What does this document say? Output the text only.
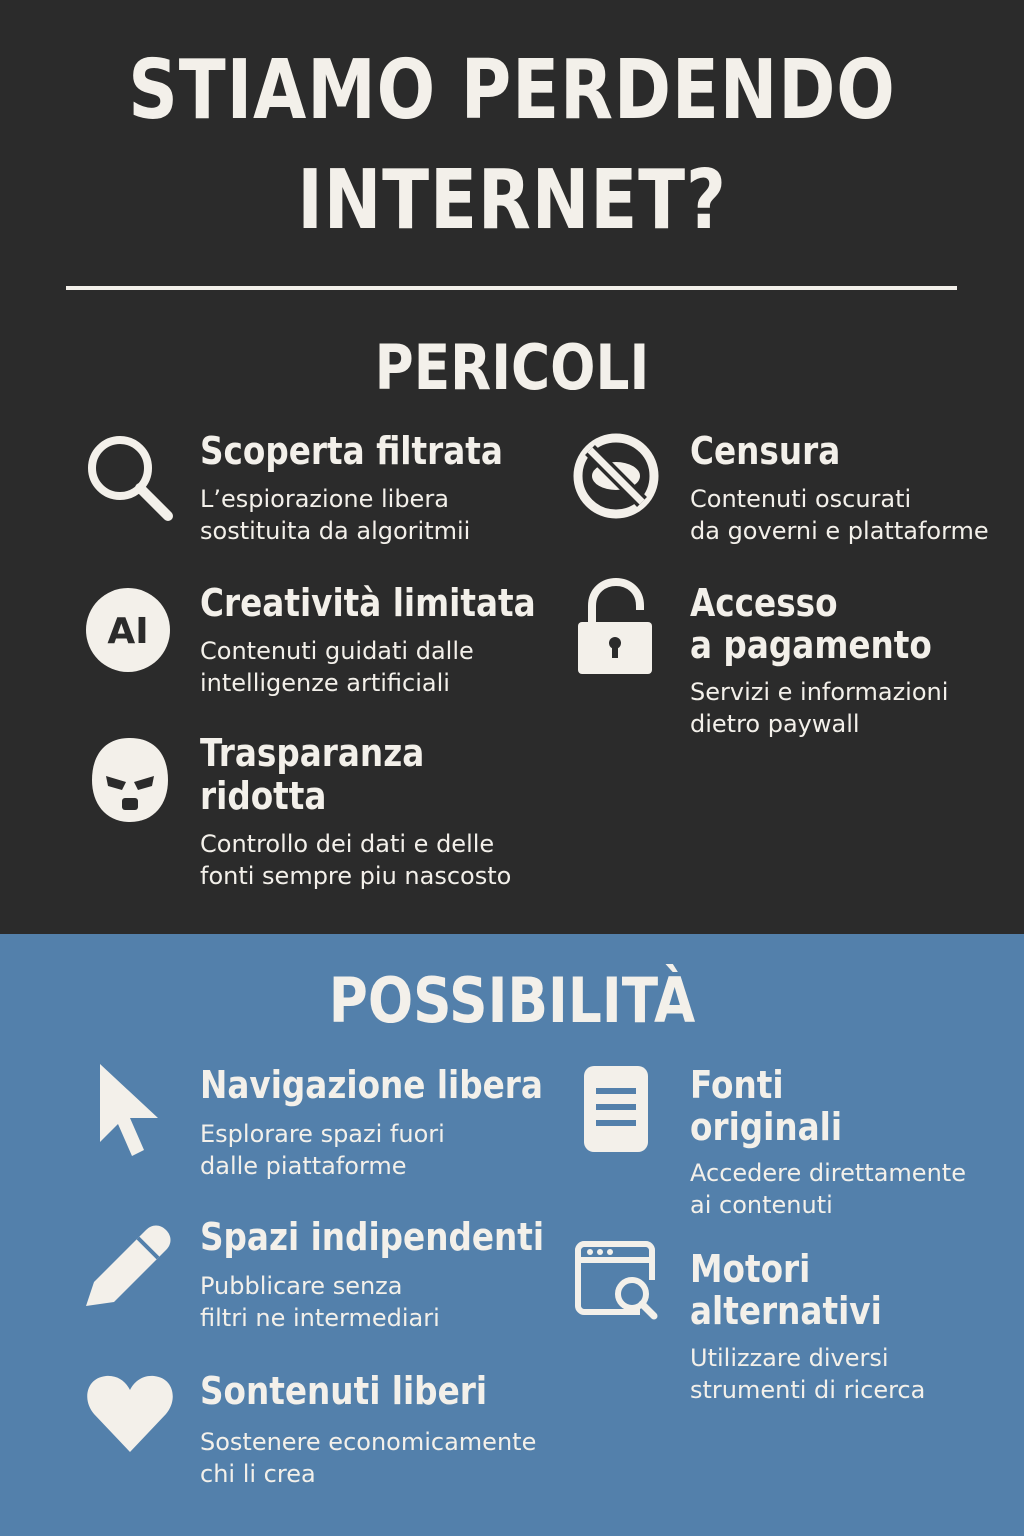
STIAMO PERDENDO
INTERNET?
PERICOLI
Scoperta filtrata
L’espiorazione libera
sostituita da algoritmii
AI
Creatività limitata
Contenuti guidati dalle
intelligenze artificiali
Trasparanza
ridotta
Controllo dei dati e delle
fonti sempre piu nascosto
Censura
Contenuti oscurati
da governi e plattaforme
Accesso
a pagamento
Servizi e informazioni
dietro paywall
POSSIBILITÀ
Navigazione libera
Esplorare spazi fuori
dalle piattaforme
Spazi indipendenti
Pubblicare senza
filtri ne intermediari
Sontenuti liberi
Sostenere economicamente
chi li crea
Fonti
originali
Accedere direttamente
ai contenuti
Motori
alternativi
Utilizzare diversi
strumenti di ricerca
